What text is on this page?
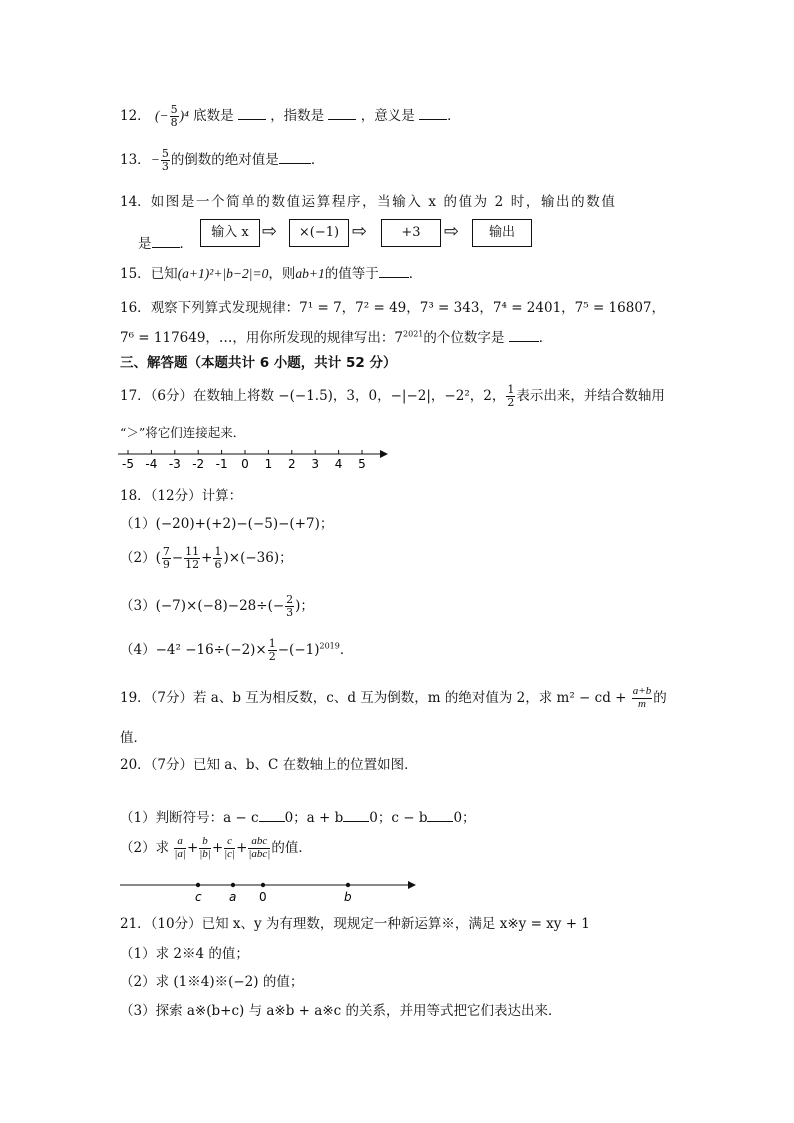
12． (− $\frac{5}{8} )^4$ 底数是	，指数是	，意义是 ．
13．− $\frac{5}{3}$ 的倒数的绝对值是 ．
14．如图是一个简单的数值运算程序，当输入 x 的值为 2 时，输出的数值
是 ．
输入 x ⇨	×(−1) ⇨	+3	⇨	输出
15．已知(a+1)²+|b−2|=0，则ab+1的值等于 ．
16．观察下列算式发现规律：7¹ = 7，7² = 49，7³ = 343，7⁴ = 2401，7⁵ = 16807，
7⁶ = 117649，…，用你所发现的规律写出：$7^{2021}$的个位数字是	．
三、解答题（本题共计 6 小题，共计 52 分）
17．（6分）在数轴上将数 −(−1.5)，3，0，−|−2|，−2²，2， $\frac{1}{2}$ 表示出来，并结合数轴用
“＞”将它们连接起来．
-5 -4 -3 -2 -1 0 1 2 3 4 5
18．（12分）计算：
（1）(−20)+(+2)−(−5)−(+7)；
$(2)( \frac{7}{9} - \frac{11}{12} + \frac{1}{6} )\times(-36)$；
$(3)(-7)\times(-8)-28\div(- \frac{2}{3}$ )；
$(4)-4^2 -16\div(-2)\times \frac{1}{2} -(-1)^{2019}$．
19．（7分）若 a、b 互为相反数，c、d 互为倒数，m 的绝对值为 2，求 m² − cd + $\frac{a+b}{m}$ 的
值．
20．（7分）已知 a、b、C 在数轴上的位置如图．
（1）判断符号：a − c 0；a + b 0；c − b 0；
（2）求 $\frac{a}{|a|} + \frac{b}{|b|} + \frac{c}{|c|} + \frac{\text{abc}}{\text{|abc|}}$ 的值．
c a 0	b
21．（10分）已知 x、y 为有理数，现规定一种新运算※，满足 x※y = xy + 1
（1）求 2※4 的值；
（2）求 (1※4)※(−2) 的值；
（3）探索 a※(b+c) 与 a※b + a※c 的关系，并用等式把它们表达出来．
